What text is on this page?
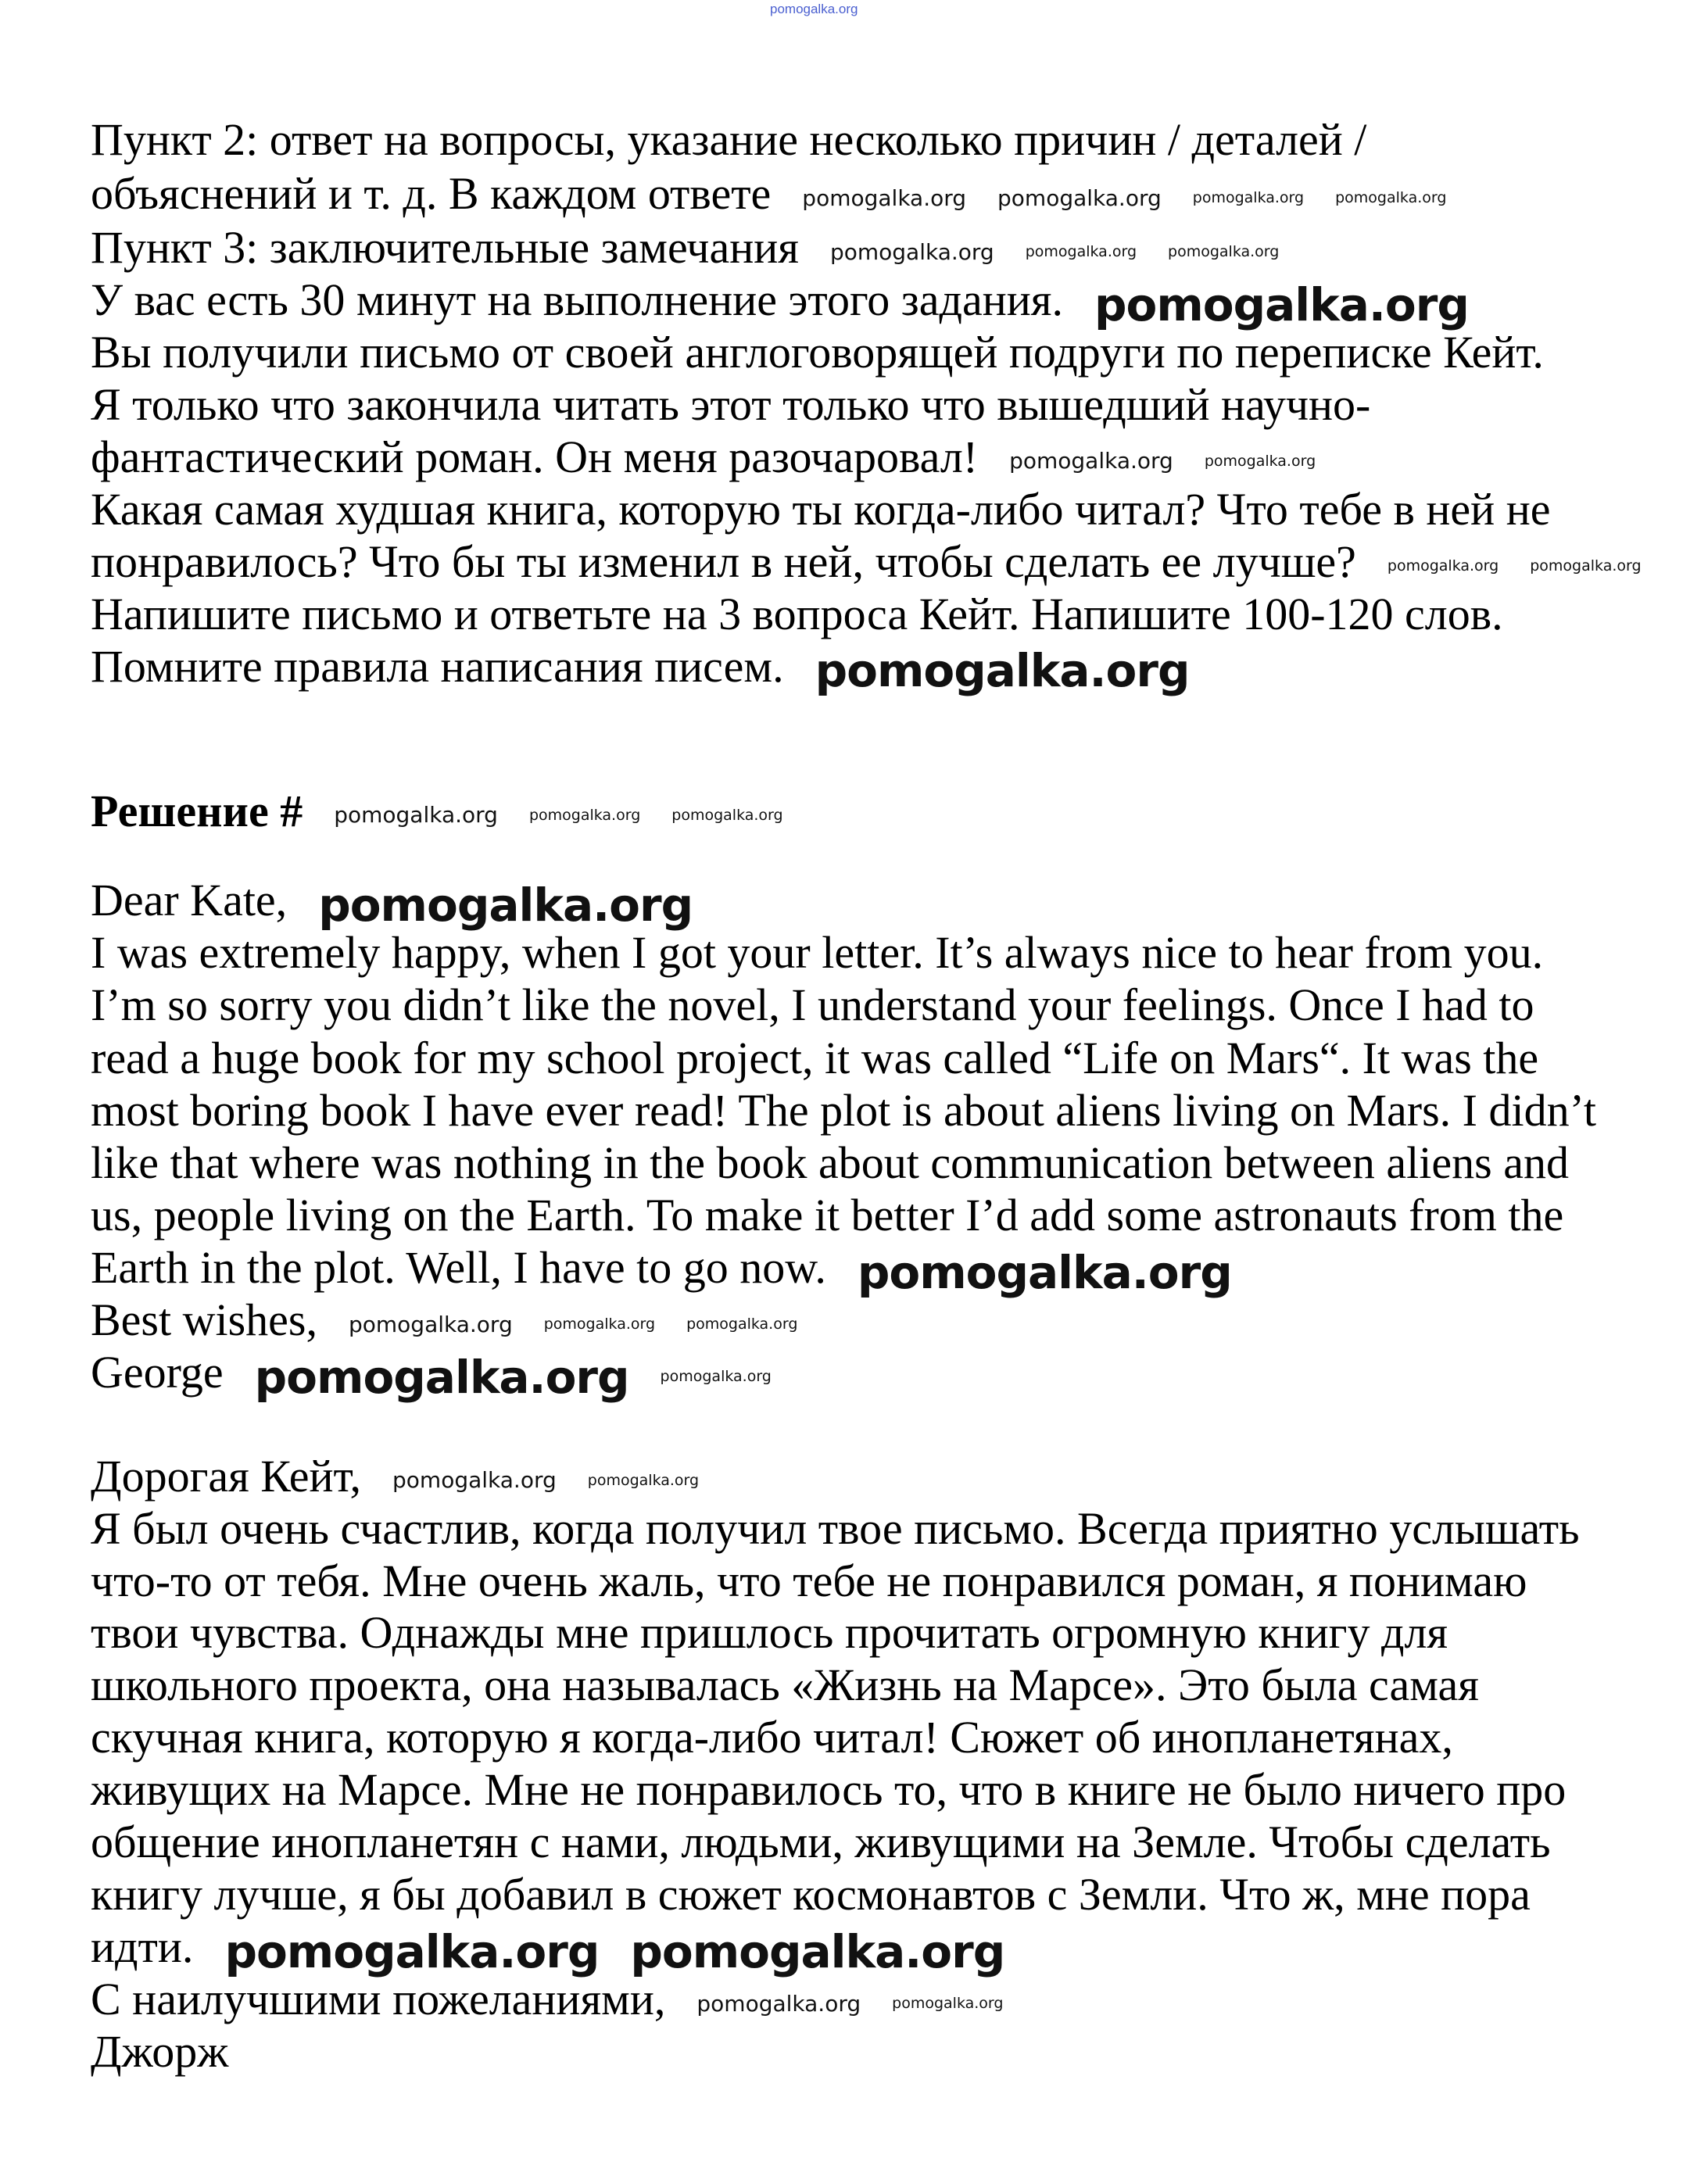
pomogalka.org
Пункт 2: ответ на вопросы, указание несколько причин / деталей /
объяснений и т. д. В каждом ответе pomogalka.org pomogalka.org pomogalka.org pomogalka.org
Пункт 3: заключительные замечания pomogalka.org pomogalka.org pomogalka.org
У вас есть 30 минут на выполнение этого задания. pomogalka.org
Вы получили письмо от своей англоговорящей подруги по переписке Кейт.
Я только что закончила читать этот только что вышедший научно-
фантастический роман. Он меня разочаровал! pomogalka.org pomogalka.org
Какая самая худшая книга, которую ты когда-либо читал? Что тебе в ней не
понравилось? Что бы ты изменил в ней, чтобы сделать ее лучше? pomogalka.org pomogalka.org
Напишите письмо и ответьте на 3 вопроса Кейт. Напишите 100-120 слов.
Помните правила написания писем. pomogalka.org
Решение # pomogalka.org pomogalka.org pomogalka.org
Dear Kate, pomogalka.org
I was extremely happy, when I got your letter. It’s always nice to hear from you.
I’m so sorry you didn’t like the novel, I understand your feelings. Once I had to
read a huge book for my school project, it was called “Life on Mars“. It was the
most boring book I have ever read! The plot is about aliens living on Mars. I didn’t
like that where was nothing in the book about communication between aliens and
us, people living on the Earth. To make it better I’d add some astronauts from the
Earth in the plot. Well, I have to go now. pomogalka.org
Best wishes, pomogalka.org pomogalka.org pomogalka.org
George pomogalka.org pomogalka.org
Дорогая Кейт, pomogalka.org pomogalka.org
Я был очень счастлив, когда получил твое письмо. Всегда приятно услышать
что-то от тебя. Мне очень жаль, что тебе не понравился роман, я понимаю
твои чувства. Однажды мне пришлось прочитать огромную книгу для
школьного проекта, она называлась «Жизнь на Марсе». Это была самая
скучная книга, которую я когда-либо читал! Сюжет об инопланетянах,
живущих на Марсе. Мне не понравилось то, что в книге не было ничего про
общение инопланетян с нами, людьми, живущими на Земле. Чтобы сделать
книгу лучше, я бы добавил в сюжет космонавтов с Земли. Что ж, мне пора
идти. pomogalka.org pomogalka.org
С наилучшими пожеланиями, pomogalka.org pomogalka.org
Джорж
